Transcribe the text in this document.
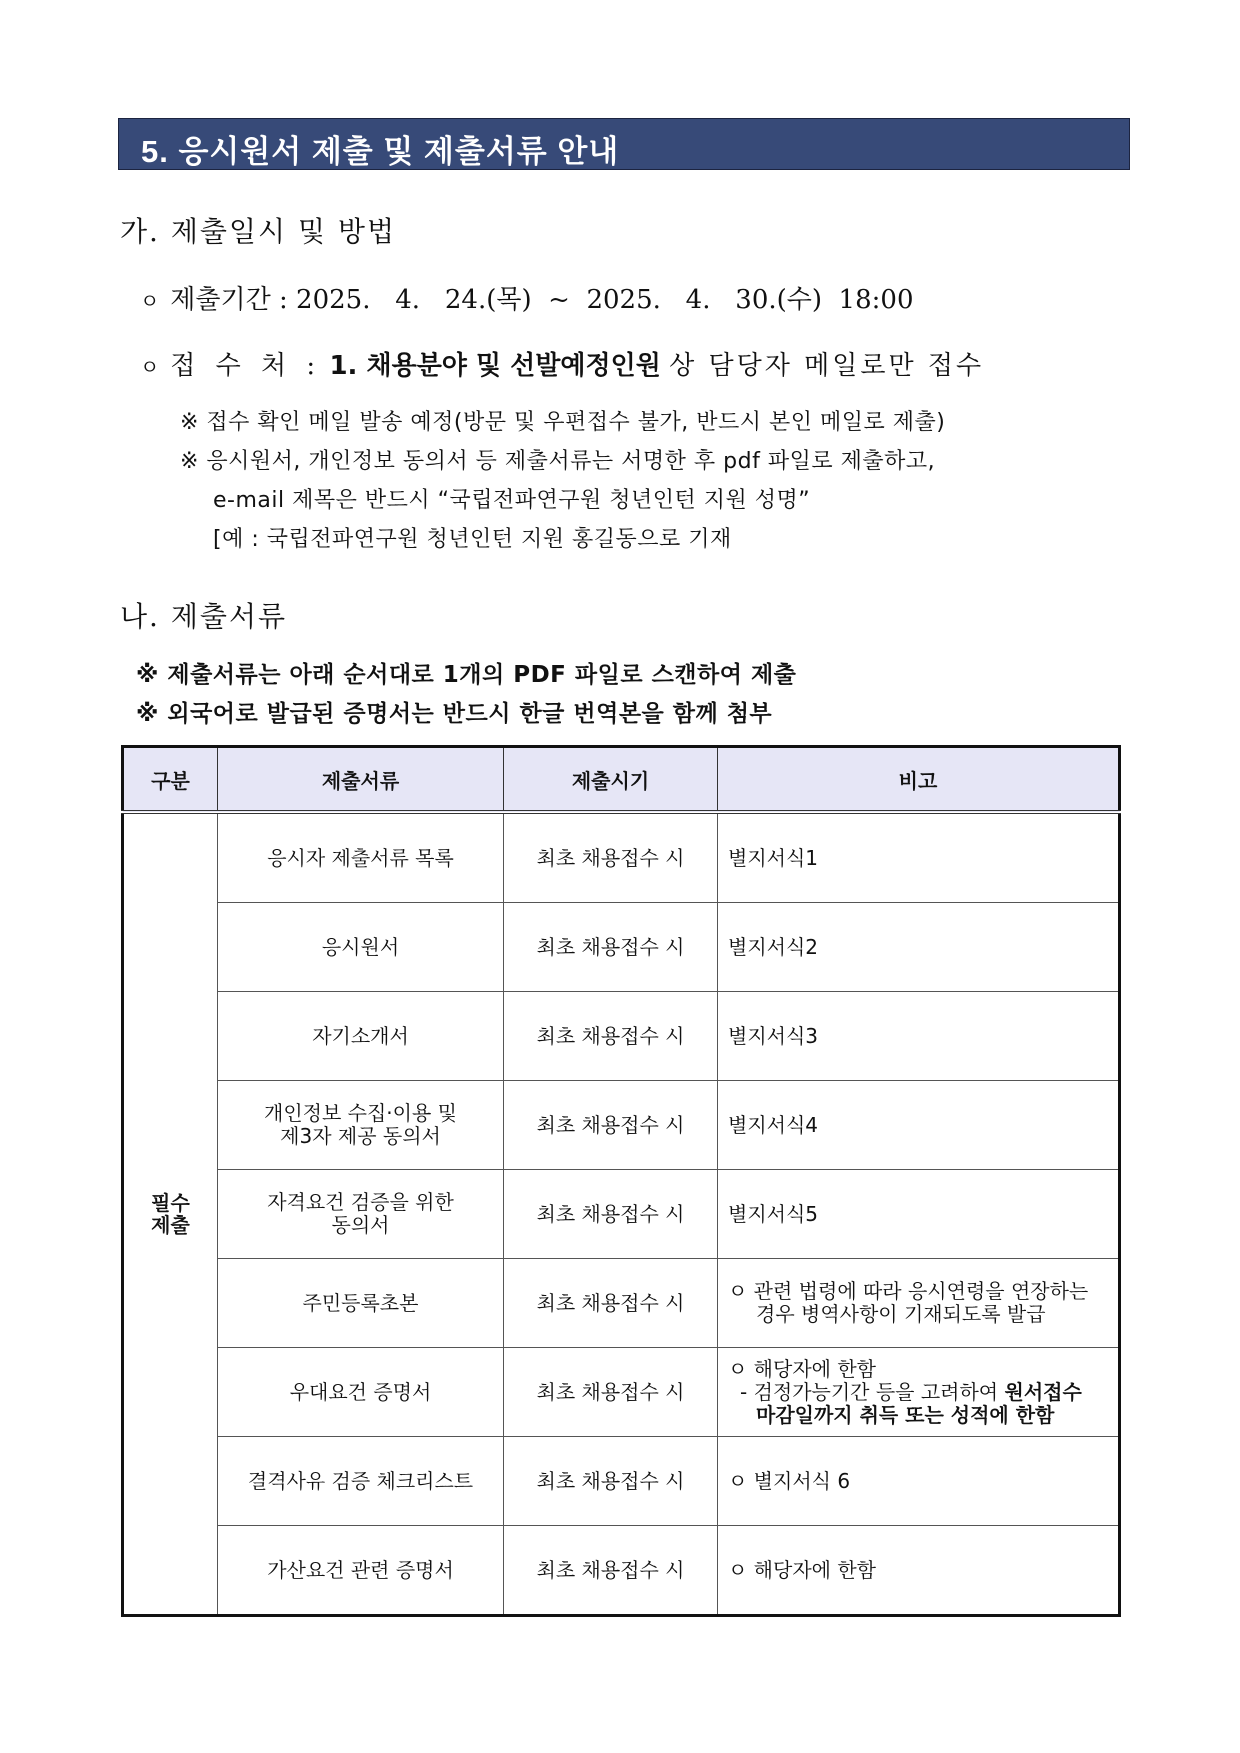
5. 응시원서 제출 및 제출서류 안내
가. 제출일시 및 방법
ㅇ 제출기간 : 2025.   4.   24.(목)  ~  2025.   4.   30.(수)  18:00
ㅇ 접 수 처 : 1. 채용분야 및 선발예정인원 상 담당자 메일로만 접수
※ 접수 확인 메일 발송 예정(방문 및 우편접수 불가, 반드시 본인 메일로 제출)
※ 응시원서, 개인정보 동의서 등 제출서류는 서명한 후 pdf 파일로 제출하고,
e-mail 제목은 반드시 “국립전파연구원 청년인턴 지원 성명”
[예 : 국립전파연구원 청년인턴 지원 홍길동으로 기재
나. 제출서류
※ 제출서류는 아래 순서대로 1개의 PDF 파일로 스캔하여 제출
※ 외국어로 발급된 증명서는 반드시 한글 번역본을 함께 첨부
구분	제출서류	제출시기	비고

필수
제출	응시자 제출서류 목록	최초 채용접수 시	별지서식1
	응시원서	최초 채용접수 시	별지서식2
	자기소개서	최초 채용접수 시	별지서식3

	개인정보 수집·이용 및
제3자 제공 동의서	최초 채용접수 시	별지서식4

	자격요건 검증을 위한
동의서	최초 채용접수 시	별지서식5
	주민등록초본	최초 채용접수 시	ㅇ 관련 법령에 따라 응시연령을 연장하는
경우 병역사항이 기재되도록 발급

	우대요건 증명서	최초 채용접수 시	ㅇ 해당자에 한함
- 검정가능기간 등을 고려하여 원서접수
마감일까지 취득 또는 성적에 한함

	결격사유 검증 체크리스트	최초 채용접수 시	ㅇ 별지서식 6
	가산요건 관련 증명서	최초 채용접수 시	ㅇ 해당자에 한함
